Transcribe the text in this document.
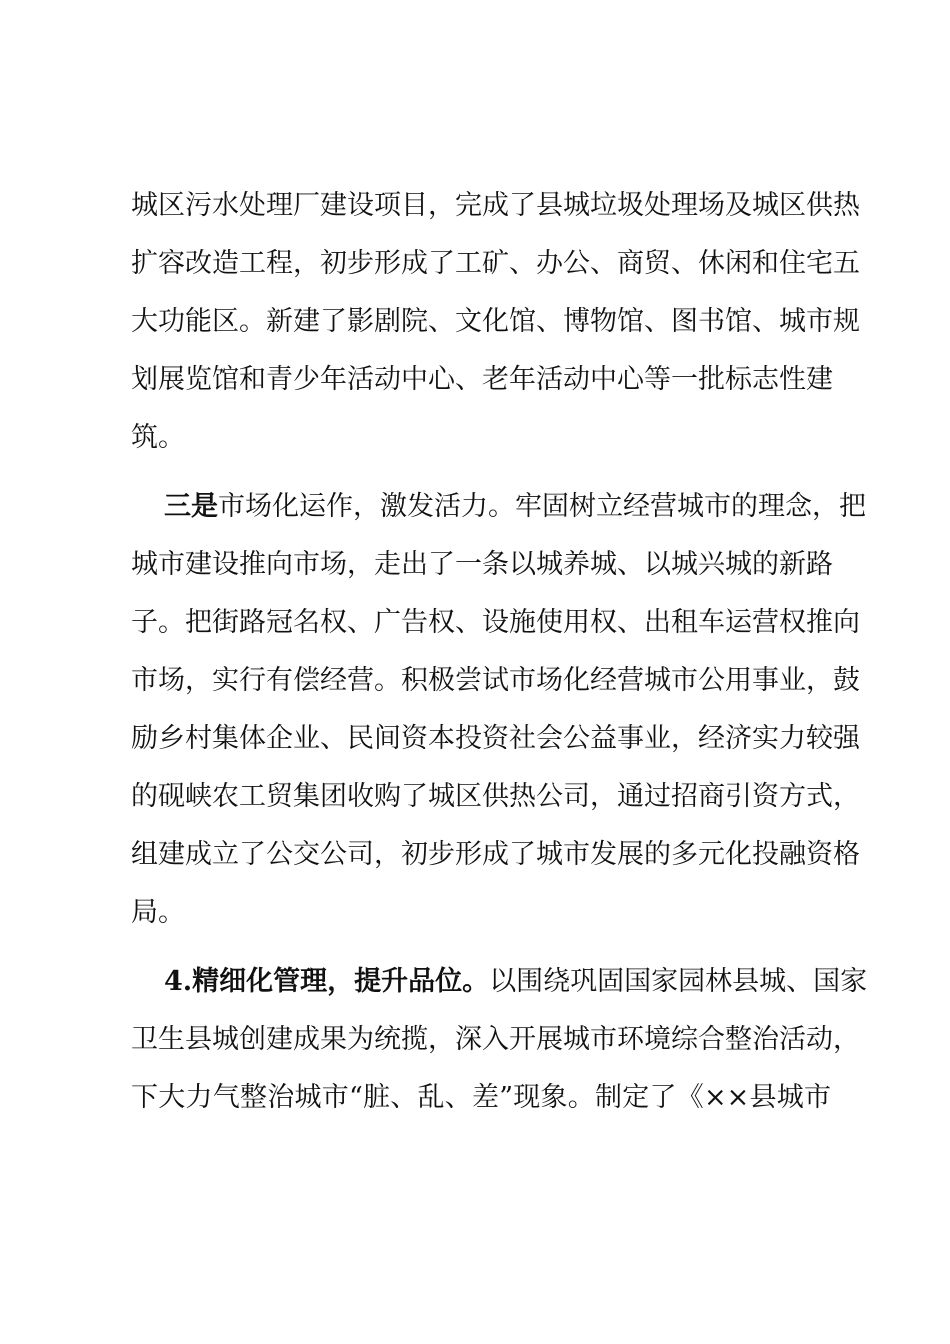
城区污水处理厂建设项目，完成了县城垃圾处理场及城区供热
扩容改造工程，初步形成了工矿、办公、商贸、休闲和住宅五
大功能区。新建了影剧院、文化馆、博物馆、图书馆、城市规
划展览馆和青少年活动中心、老年活动中心等一批标志性建
筑。
三是市场化运作，激发活力。牢固树立经营城市的理念，把
城市建设推向市场，走出了一条以城养城、以城兴城的新路
子。把街路冠名权、广告权、设施使用权、出租车运营权推向
市场，实行有偿经营。积极尝试市场化经营城市公用事业，鼓
励乡村集体企业、民间资本投资社会公益事业，经济实力较强
的砚峡农工贸集团收购了城区供热公司，通过招商引资方式，
组建成立了公交公司，初步形成了城市发展的多元化投融资格
局。
4.精细化管理，提升品位。以围绕巩固国家园林县城、国家
卫生县城创建成果为统揽，深入开展城市环境综合整治活动，
下大力气整治城市“脏、乱、差”现象。制定了《××县城市
